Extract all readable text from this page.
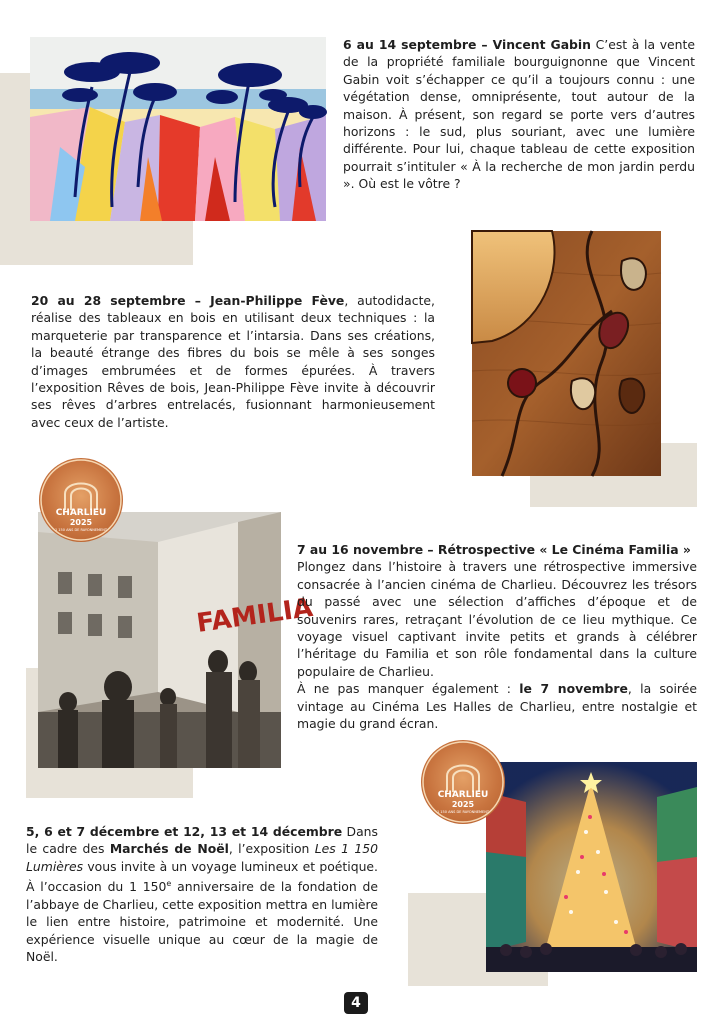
6 au 14 septembre – Vincent Gabin C’est à la vente de la propriété familiale bourguignonne que Vincent Gabin voit s’échapper ce qu’il a toujours connu : une végétation dense, omniprésente, tout autour de la maison. À présent, son regard se porte vers d’autres horizons : le sud, plus souriant, avec une lumière différente. Pour lui, chaque tableau de cette exposition pourrait s’intituler « À la recherche de mon jardin perdu ». Où est le vôtre ?

20 au 28 septembre – Jean-Philippe Fève, autodidacte, réalise des tableaux en bois en utilisant deux techniques : la marqueterie par transparence et l’intarsia. Dans ses créations, la beauté étrange des fibres du bois se mêle à ses songes d’images embrumées et de formes épurées. À travers l’exposition Rêves de bois, Jean-Philippe Fève invite à découvrir ses rêves d’arbres entrelacés, fusionnant harmonieusement avec ceux de l’artiste.

FAMILIA
CHARLIEU
2025
1 150 ANS DE RAYONNEMENT

7 au 16 novembre – Rétrospective « Le Cinéma Familia »

Plongez dans l’histoire à travers une rétrospective immersive consacrée à l’ancien cinéma de Charlieu. Découvrez les trésors du passé avec une sélection d’affiches d’époque et de souvenirs rares, retraçant l’évolution de ce lieu mythique. Ce voyage visuel captivant invite petits et grands à célébrer l’héritage du Familia et son rôle fondamental dans la culture populaire de Charlieu.

À ne pas manquer également : le 7 novembre, la soirée vintage au Cinéma Les Halles de Charlieu, entre nostalgie et magie du grand écran.

CHARLIEU
2025
1 150 ANS DE RAYONNEMENT

5, 6 et 7 décembre et 12, 13 et 14 décembre Dans le cadre des Marchés de Noël, l’exposition Les 1 150 Lumières vous invite à un voyage lumineux et poétique. À l’occasion du 1 150e anniversaire de la fondation de l’abbaye de Charlieu, cette exposition mettra en lumière le lien entre histoire, patrimoine et modernité. Une expérience visuelle unique au cœur de la magie de Noël.

4
